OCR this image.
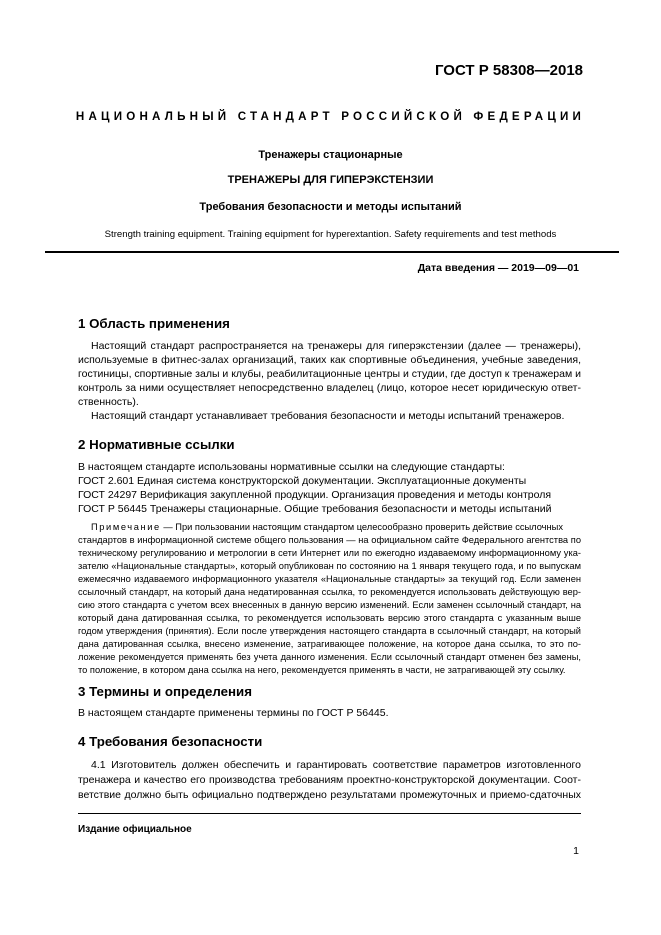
ГОСТ Р 58308—2018
НАЦИОНАЛЬНЫЙ СТАНДАРТ РОССИЙСКОЙ ФЕДЕРАЦИИ
Тренажеры стационарные
ТРЕНАЖЕРЫ ДЛЯ ГИПЕРЭКСТЕНЗИИ
Требования безопасности и методы испытаний
Strength training equipment. Training equipment for hyperextantion. Safety requirements and test methods
Дата введения — 2019—09—01
1 Область применения
Настоящий стандарт распространяется на тренажеры для гиперэкстензии (далее — тренажеры),
используемые в фитнес-залах организаций, таких как спортивные объединения, учебные заведения,
гостиницы, спортивные залы и клубы, реабилитационные центры и студии, где доступ к тренажерам и
контроль за ними осуществляет непосредственно владелец (лицо, которое несет юридическую ответ-
ственность).
Настоящий стандарт устанавливает требования безопасности и методы испытаний тренажеров.
2 Нормативные ссылки
В настоящем стандарте использованы нормативные ссылки на следующие стандарты:
ГОСТ 2.601 Единая система конструкторской документации. Эксплуатационные документы
ГОСТ 24297 Верификация закупленной продукции. Организация проведения и методы контроля
ГОСТ Р 56445 Тренажеры стационарные. Общие требования безопасности и методы испытаний
Примечание — При пользовании настоящим стандартом целесообразно проверить действие ссылочных
стандартов в информационной системе общего пользования — на официальном сайте Федерального агентства по
техническому регулированию и метрологии в сети Интернет или по ежегодно издаваемому информационному ука-
зателю «Национальные стандарты», который опубликован по состоянию на 1 января текущего года, и по выпускам
ежемесячно издаваемого информационного указателя «Национальные стандарты» за текущий год. Если заменен
ссылочный стандарт, на который дана недатированная ссылка, то рекомендуется использовать действующую вер-
сию этого стандарта с учетом всех внесенных в данную версию изменений. Если заменен ссылочный стандарт, на
который дана датированная ссылка, то рекомендуется использовать версию этого стандарта с указанным выше
годом утверждения (принятия). Если после утверждения настоящего стандарта в ссылочный стандарт, на который
дана датированная ссылка, внесено изменение, затрагивающее положение, на которое дана ссылка, то это по-
ложение рекомендуется применять без учета данного изменения. Если ссылочный стандарт отменен без замены,
то положение, в котором дана ссылка на него, рекомендуется применять в части, не затрагивающей эту ссылку.
3 Термины и определения
В настоящем стандарте применены термины по ГОСТ Р 56445.
4 Требования безопасности
4.1 Изготовитель должен обеспечить и гарантировать соответствие параметров изготовленного
тренажера и качество его производства требованиям проектно-конструкторской документации. Соот-
ветствие должно быть официально подтверждено результатами промежуточных и приемо-сдаточных
Издание официальное
1
